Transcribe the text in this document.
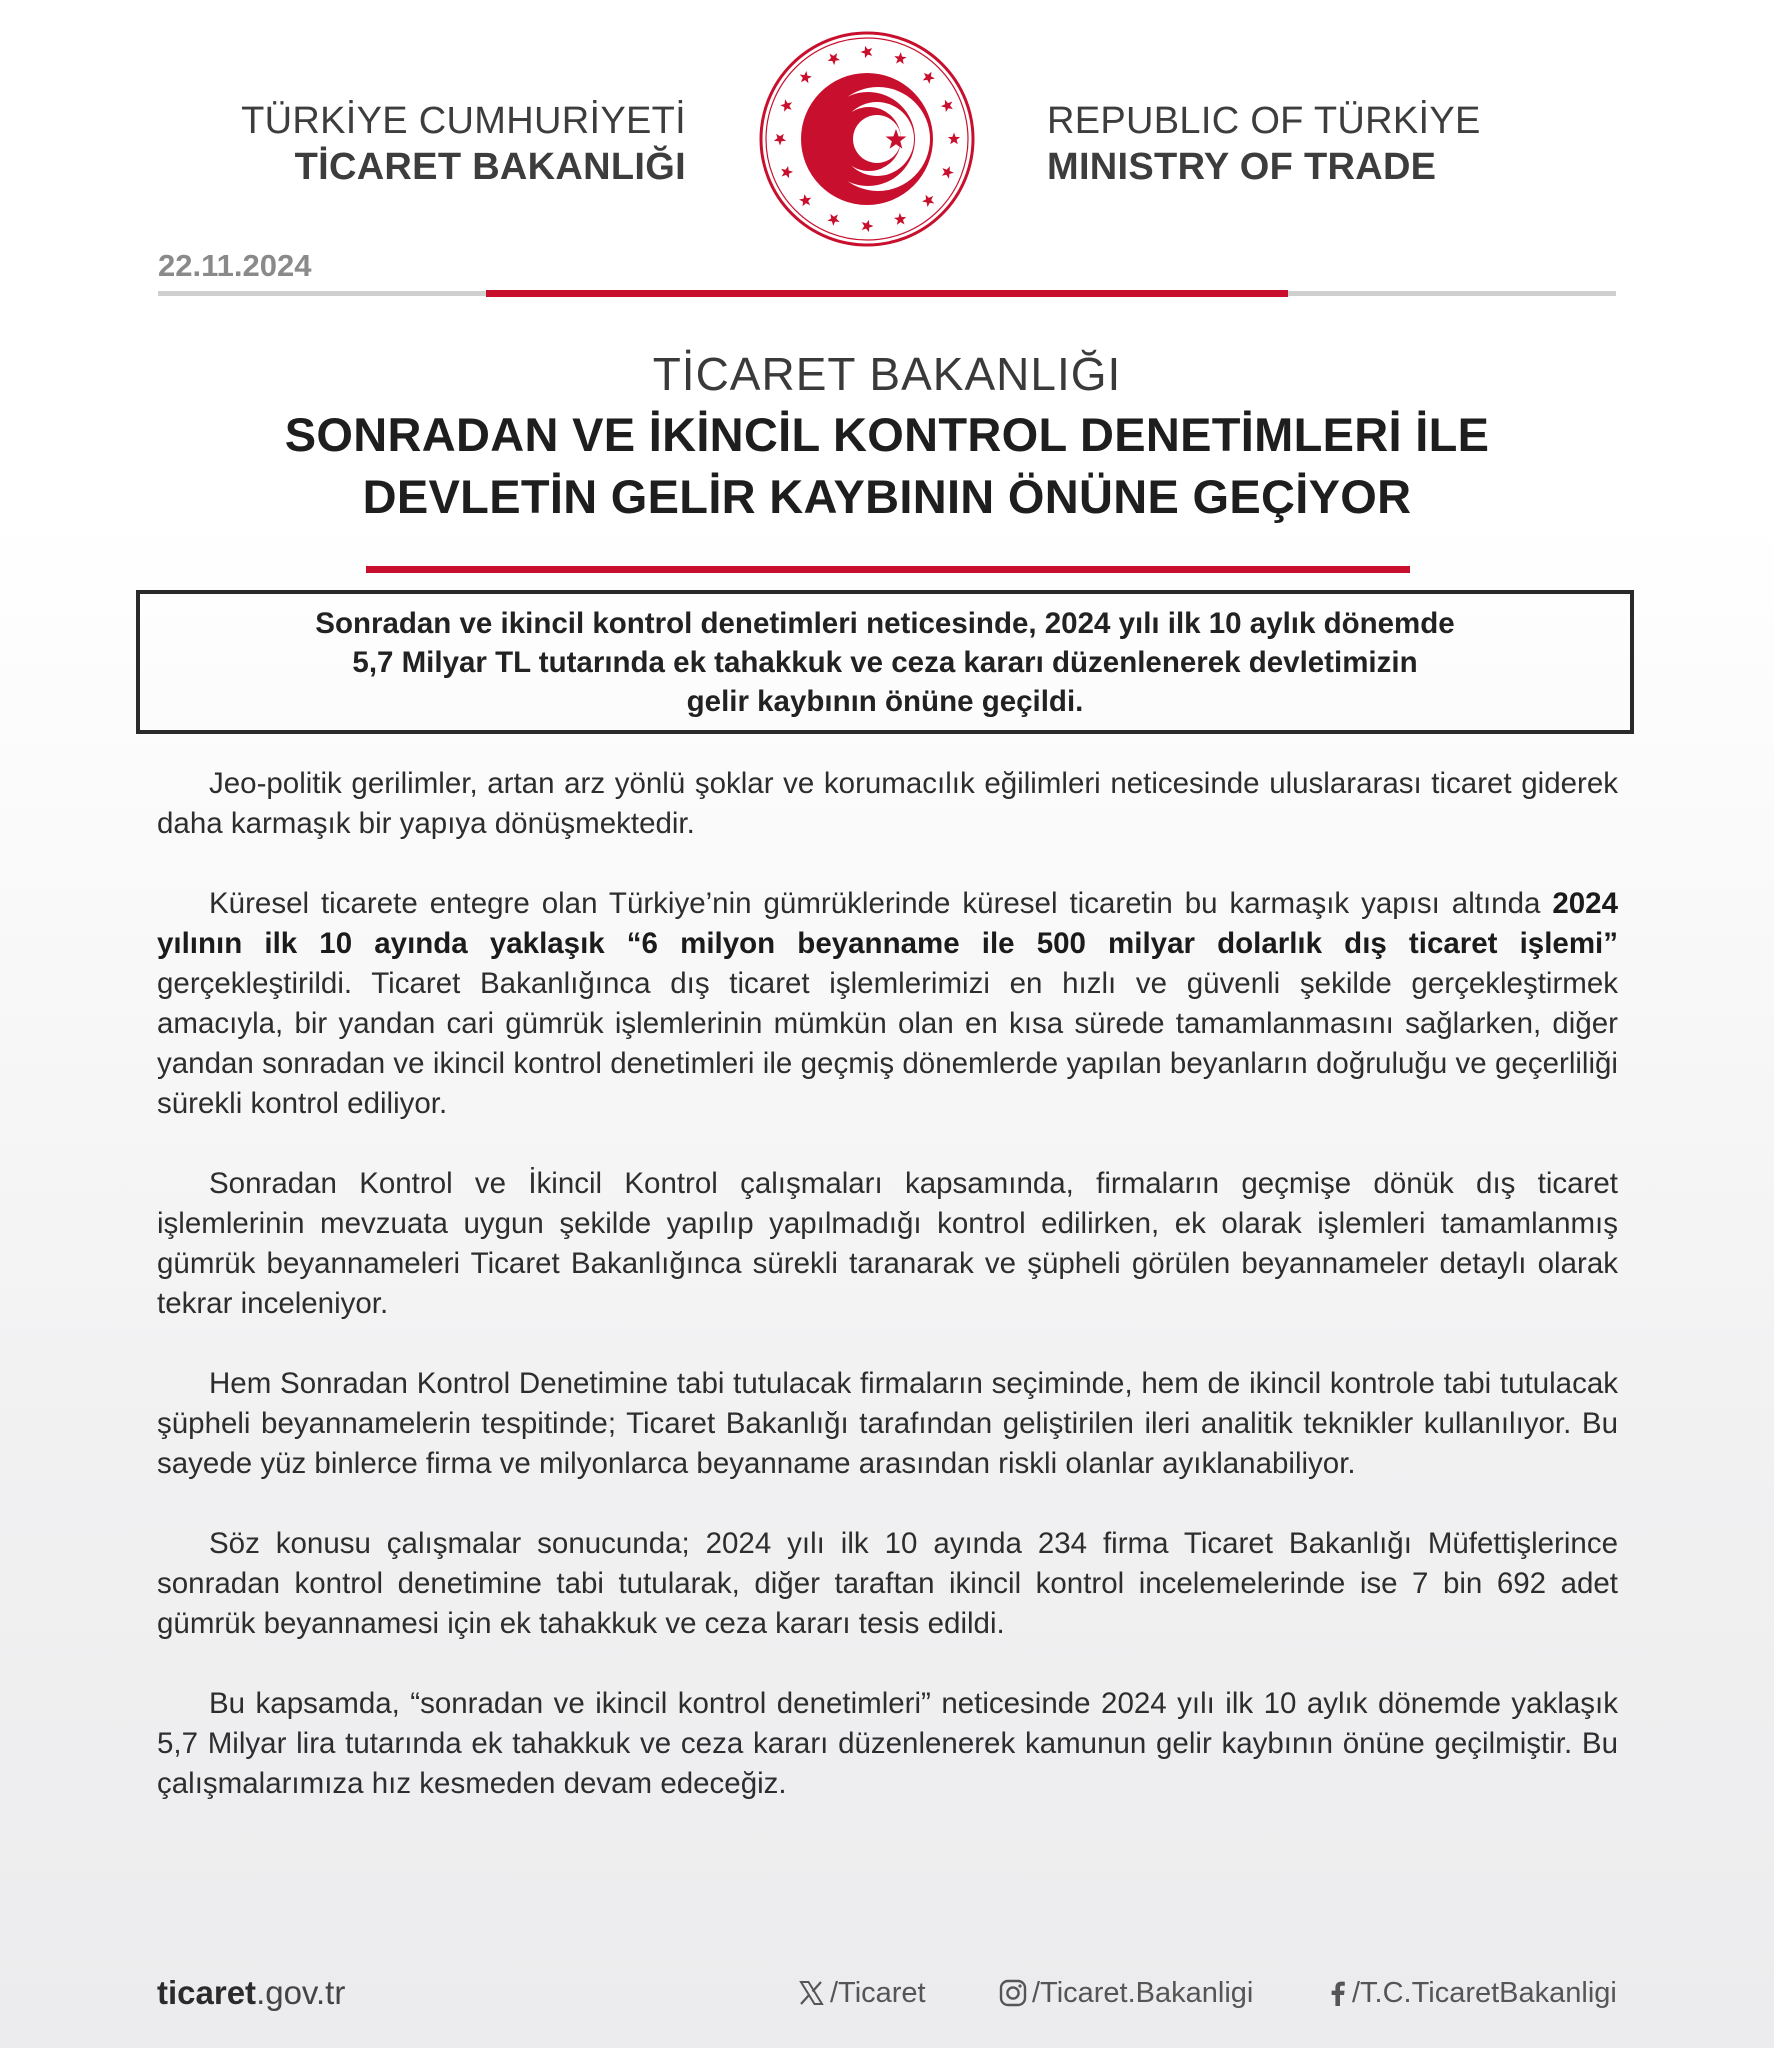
TÜRKİYE CUMHURİYETİ
TİCARET BAKANLIĞI
REPUBLIC OF TÜRKİYE
MINISTRY OF TRADE
22.11.2024
TİCARET BAKANLIĞI
SONRADAN VE İKİNCİL KONTROL DENETİMLERİ İLE
DEVLETİN GELİR KAYBININ ÖNÜNE GEÇİYOR
Sonradan ve ikincil kontrol denetimleri neticesinde, 2024 yılı ilk 10 aylık dönemde
5,7 Milyar TL tutarında ek tahakkuk ve ceza kararı düzenlenerek devletimizin
gelir kaybının önüne geçildi.

Jeo-politik gerilimler, artan arz yönlü şoklar ve korumacılık eğilimleri neticesinde uluslararası ticaret giderek daha karmaşık bir yapıya dönüşmektedir.

Küresel ticarete entegre olan Türkiye’nin gümrüklerinde küresel ticaretin bu karmaşık yapısı altında 2024 yılının ilk 10 ayında yaklaşık “6 milyon beyanname ile 500 milyar dolarlık dış ticaret işlemi” gerçekleştirildi. Ticaret Bakanlığınca dış ticaret işlemlerimizi en hızlı ve güvenli şekilde gerçekleştirmek amacıyla, bir yandan cari gümrük işlemlerinin mümkün olan en kısa sürede tamamlanmasını sağlarken, diğer yandan sonradan ve ikincil kontrol denetimleri ile geçmiş dönemlerde yapılan beyanların doğruluğu ve geçerliliği sürekli kontrol ediliyor.

Sonradan Kontrol ve İkincil Kontrol çalışmaları kapsamında, firmaların geçmişe dönük dış ticaret işlemlerinin mevzuata uygun şekilde yapılıp yapılmadığı kontrol edilirken, ek olarak işlemleri tamamlanmış gümrük beyannameleri Ticaret Bakanlığınca sürekli taranarak ve şüpheli görülen beyannameler detaylı olarak tekrar inceleniyor.

Hem Sonradan Kontrol Denetimine tabi tutulacak firmaların seçiminde, hem de ikincil kontrole tabi tutulacak şüpheli beyannamelerin tespitinde; Ticaret Bakanlığı tarafından geliştirilen ileri analitik teknikler kullanılıyor. Bu sayede yüz binlerce firma ve milyonlarca beyanname arasından riskli olanlar ayıklanabiliyor.

Söz konusu çalışmalar sonucunda; 2024 yılı ilk 10 ayında 234 firma Ticaret Bakanlığı Müfettişlerince sonradan kontrol denetimine tabi tutularak, diğer taraftan ikincil kontrol incelemelerinde ise 7 bin 692 adet gümrük beyannamesi için ek tahakkuk ve ceza kararı tesis edildi.

Bu kapsamda, “sonradan ve ikincil kontrol denetimleri” neticesinde 2024 yılı ilk 10 aylık dönemde yaklaşık 5,7 Milyar lira tutarında ek tahakkuk ve ceza kararı düzenlenerek kamunun gelir kaybının önüne geçilmiştir. Bu çalışmalarımıza hız kesmeden devam edeceğiz.

ticaret.gov.tr	/Ticaret	/Ticaret.Bakanligi	/T.C.TicaretBakanligi
